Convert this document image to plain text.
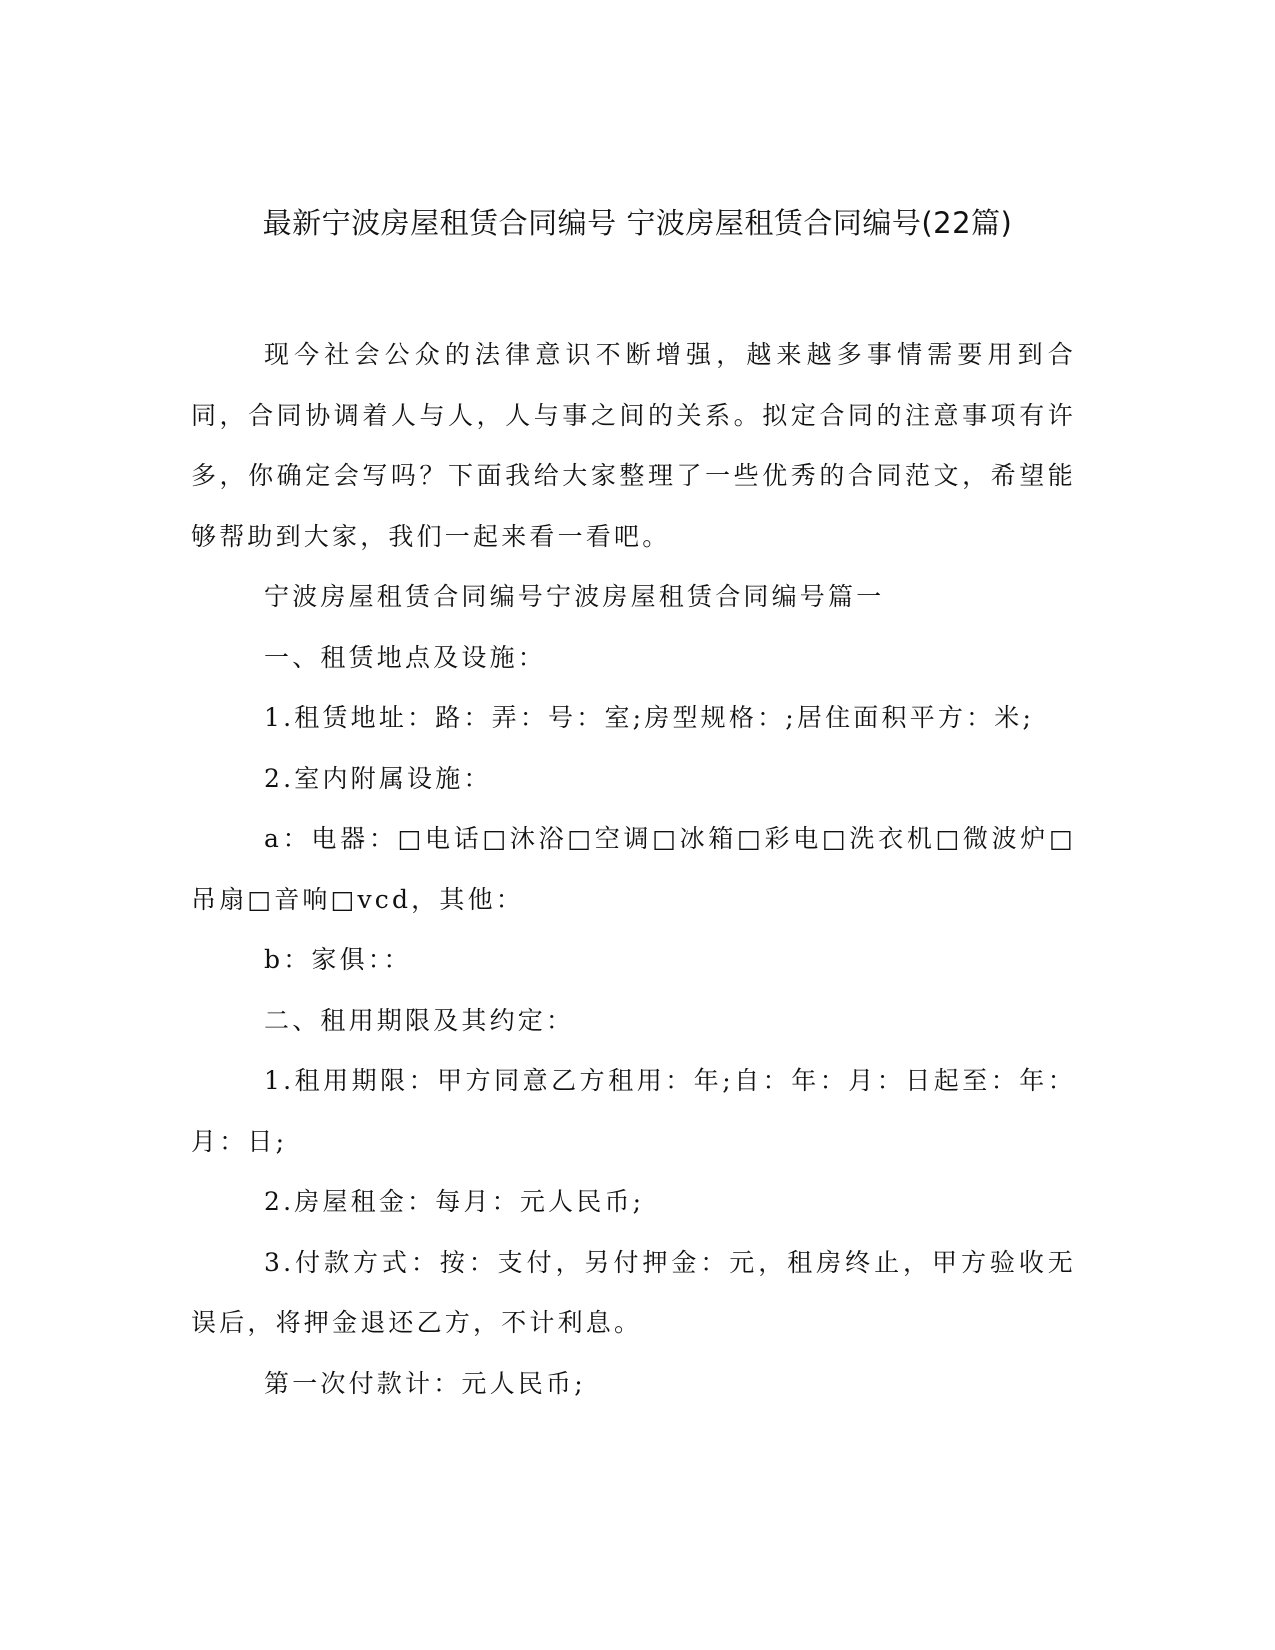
最新宁波房屋租赁合同编号 宁波房屋租赁合同编号(22篇)

现今社会公众的法律意识不断增强，越来越多事情需要用到合同，合同协调着人与人，人与事之间的关系。拟定合同的注意事项有许多，你确定会写吗？下面我给大家整理了一些优秀的合同范文，希望能够帮助到大家，我们一起来看一看吧。

宁波房屋租赁合同编号宁波房屋租赁合同编号篇一

一、租赁地点及设施：

1.租赁地址：路：弄：号：室;房型规格：;居住面积平方：米;

2.室内附属设施：

a：电器：□电话□沐浴□空调□冰箱□彩电□洗衣机□微波炉□吊扇□音响□vcd，其他：

b：家俱：：

二、租用期限及其约定：

1.租用期限：甲方同意乙方租用：年;自：年：月：日起至：年：月：日;

2.房屋租金：每月：元人民币;

3.付款方式：按：支付，另付押金：元，租房终止，甲方验收无误后，将押金退还乙方，不计利息。

第一次付款计：元人民币;
